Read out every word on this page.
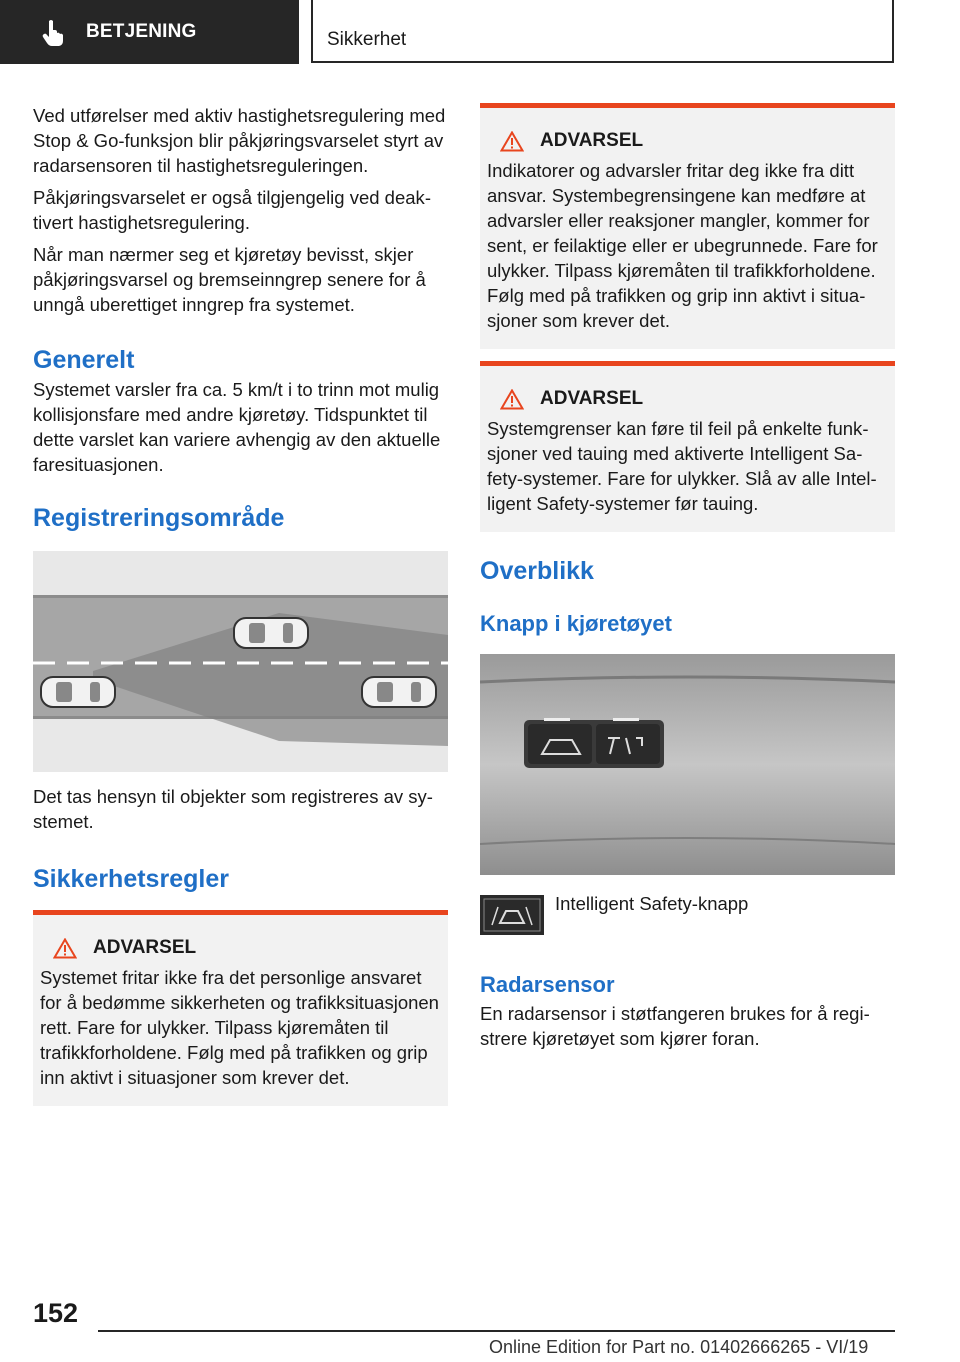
BETJENING	Sikkerhet

Ved utførelser med aktiv hastighetsregulering med Stop & Go-funksjon blir påkjøringsvarselet styrt av radarsensoren til hastighetsreguleringen.

Påkjøringsvarselet er også tilgjengelig ved deaktivert hastighetsregulering.

Når man nærmer seg et kjøretøy bevisst, skjer påkjøringsvarsel og bremseinngrep senere for å unngå uberettiget inngrep fra systemet.

Generelt

Systemet varsler fra ca. 5 km/t i to trinn mot mulig kollisjonsfare med andre kjøretøy. Tidspunktet til dette varslet kan variere avhengig av den aktuelle faresituasjonen.

Registreringsområde

Det tas hensyn til objekter som registreres av systemet.

Sikkerhetsregler
ADVARSEL

Systemet fritar ikke fra det personlige ansvaret for å bedømme sikkerheten og trafikksituasjonen rett. Fare for ulykker. Tilpass kjøremåten til trafikkforholdene. Følg med på trafikken og grip inn aktivt i situasjoner som krever det.

ADVARSEL

Indikatorer og advarsler fritar deg ikke fra ditt ansvar. Systembegrensingene kan medføre at advarsler eller reaksjoner mangler, kommer for sent, er feilaktige eller er ubegrunnede. Fare for ulykker. Tilpass kjøremåten til trafikkforholdene. Følg med på trafikken og grip inn aktivt i situasjoner som krever det.

ADVARSEL

Systemgrenser kan føre til feil på enkelte funksjoner ved tauing med aktiverte Intelligent Safety-systemer. Fare for ulykker. Slå av alle Intelligent Safety-systemer før tauing.

Overblikk
Knapp i kjøretøyet
Intelligent Safety-knapp
Radarsensor

En radarsensor i støtfangeren brukes for å registrere kjøretøyet som kjører foran.

152
Online Edition for Part no. 01402666265 - VI/19
